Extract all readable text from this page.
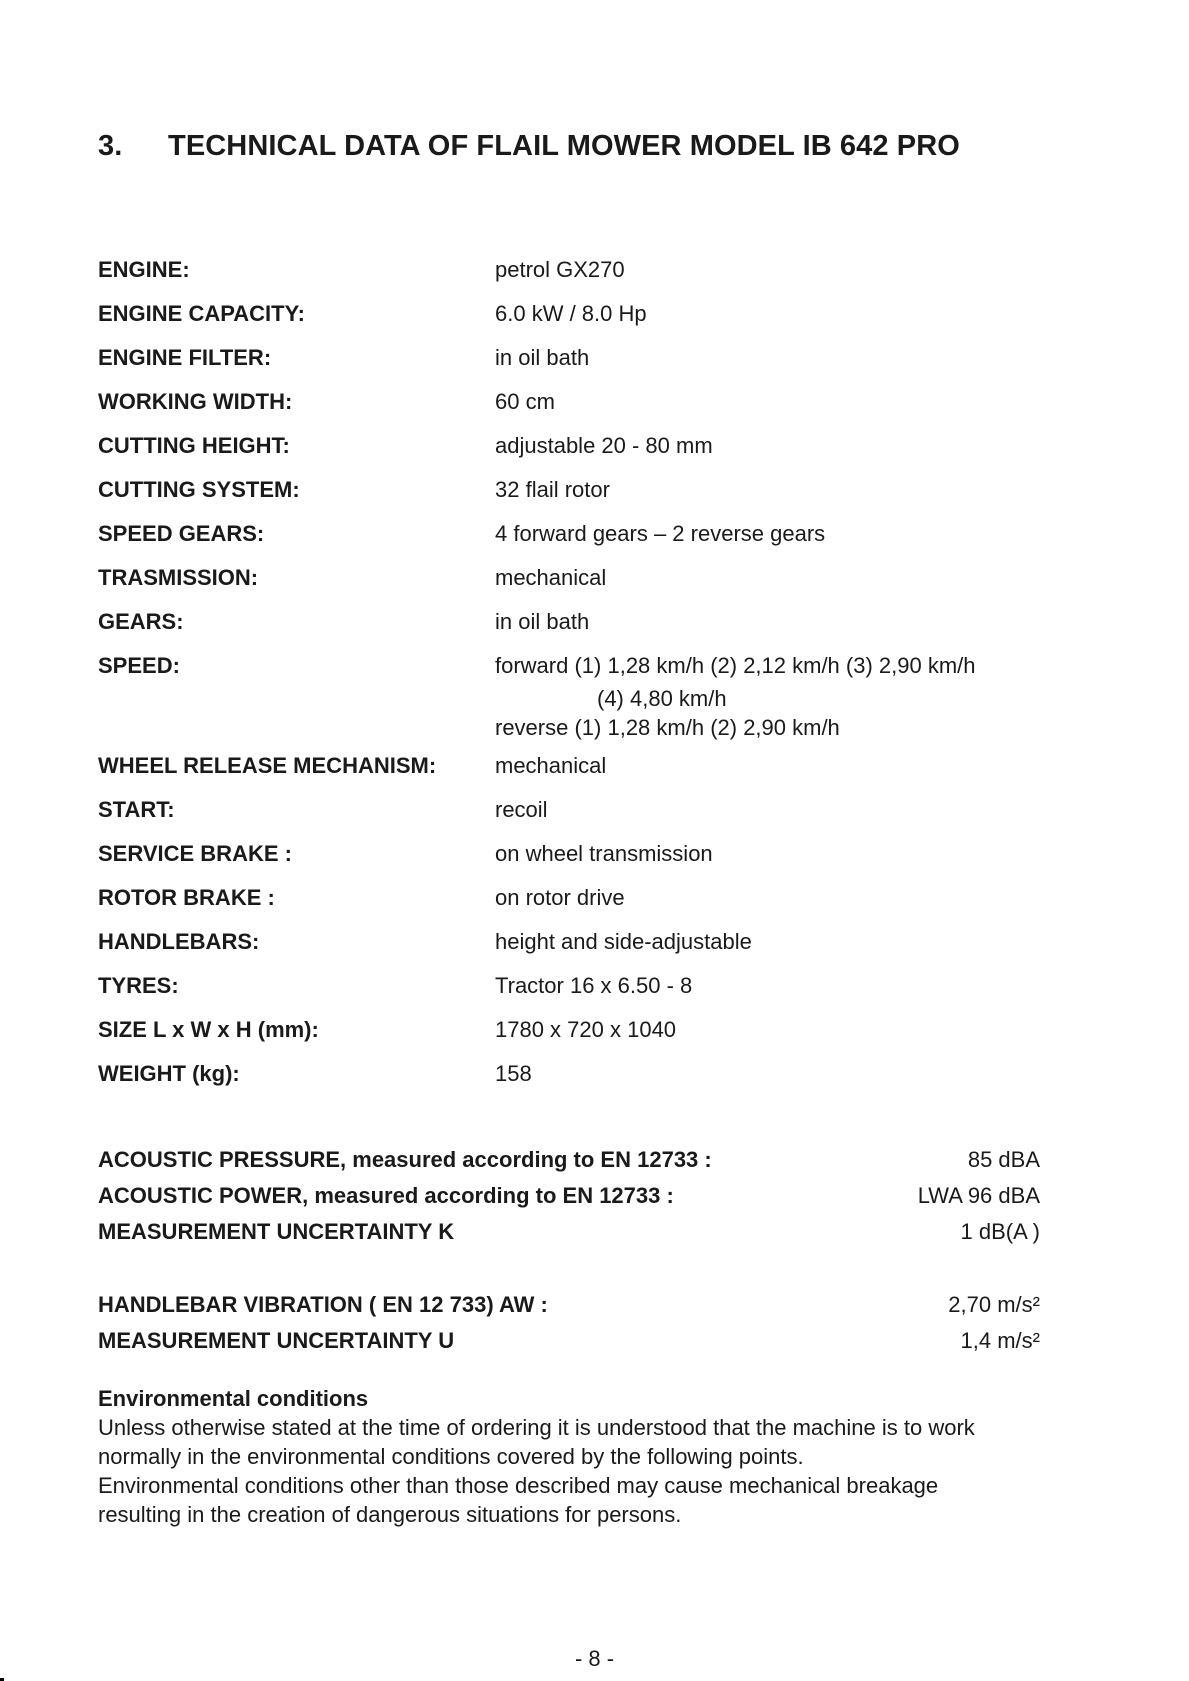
3. TECHNICAL DATA OF FLAIL MOWER MODEL IB 642 PRO
ENGINE:	petrol GX270
ENGINE CAPACITY:	6.0 kW / 8.0 Hp
ENGINE FILTER:	in oil bath
WORKING WIDTH:	60 cm
CUTTING HEIGHT:	adjustable 20 - 80 mm
CUTTING SYSTEM:	32 flail rotor
SPEED GEARS:	4 forward gears – 2 reverse gears
TRASMISSION:	mechanical
GEARS:	in oil bath
SPEED:	forward (1) 1,28 km/h (2) 2,12 km/h (3) 2,90 km/h
(4) 4,80 km/h
reverse (1) 1,28 km/h (2) 2,90 km/h
WHEEL RELEASE MECHANISM:	mechanical
START:	recoil
SERVICE BRAKE :	on wheel transmission
ROTOR BRAKE :	on rotor drive
HANDLEBARS:	height and side-adjustable
TYRES:	Tractor 16 x 6.50 - 8
SIZE L x W x H (mm):	1780 x 720 x 1040
WEIGHT (kg):	158
ACOUSTIC PRESSURE, measured according to EN 12733 :	85 dBA
ACOUSTIC POWER, measured according to EN 12733 :	LWA 96 dBA
MEASUREMENT UNCERTAINTY K	1 dB(A )
HANDLEBAR VIBRATION ( EN 12 733) AW :	2,70 m/s²
MEASUREMENT UNCERTAINTY U	1,4 m/s²
Environmental conditions
Unless otherwise stated at the time of ordering it is understood that the machine is to work
normally in the environmental conditions covered by the following points.
Environmental conditions other than those described may cause mechanical breakage
resulting in the creation of dangerous situations for persons.
- 8 -
